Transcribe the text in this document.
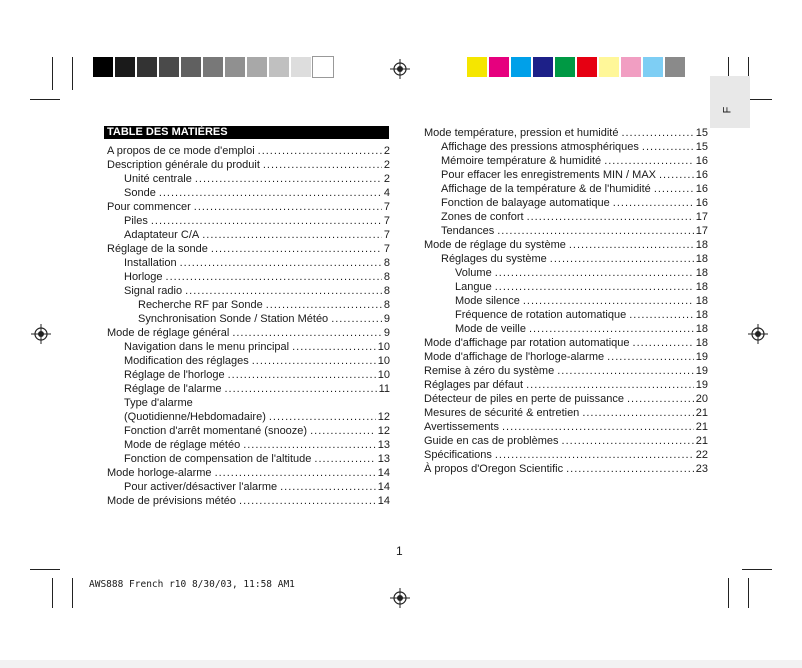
F
TABLE DES MATIÈRES
A propos de ce mode d'emploi .....	2
Description générale du produit .....	2
Unité centrale .....	2
Sonde .....	4
Pour commencer .....	7
Piles .....	7
Adaptateur C/A .....	7
Réglage de la sonde .....	7
Installation .....	8
Horloge .....	8
Signal radio .....	8
Recherche RF par Sonde .....	8
Synchronisation Sonde / Station Météo .....	9
Mode de réglage général .....	9
Navigation dans le menu principal .....	10
Modification des réglages .....	10
Réglage de l'horloge .....	10
Réglage de l'alarme .....	11
Type d'alarme
(Quotidienne/Hebdomadaire) .....	12
Fonction d'arrêt momentané (snooze) .....	12
Mode de réglage météo .....	13
Fonction de compensation de l'altitude .....	13
Mode horloge-alarme .....	14
Pour activer/désactiver l'alarme .....	14
Mode de prévisions météo .....	14
Mode température, pression et humidité .....	15
Affichage des pressions atmosphériques .....	15
Mémoire température & humidité .....	16
Pour effacer les enregistrements MIN / MAX .....	16
Affichage de la température & de l'humidité .....	16
Fonction de balayage automatique .....	16
Zones de confort .....	17
Tendances .....	17
Mode de réglage du système .....	18
Réglages du système .....	18
Volume .....	18
Langue .....	18
Mode silence .....	18
Fréquence de rotation automatique .....	18
Mode de veille .....	18
Mode d'affichage par rotation automatique .....	18
Mode d'affichage de l'horloge-alarme .....	19
Remise à zéro du système .....	19
Réglages par défaut .....	19
Détecteur de piles en perte de puissance .....	20
Mesures de sécurité & entretien .....	21
Avertissements .....	21
Guide en cas de problèmes .....	21
Spécifications .....	22
À propos d'Oregon Scientific .....	23
1
AWS888 French r10 8/30/03, 11:58 AM1
